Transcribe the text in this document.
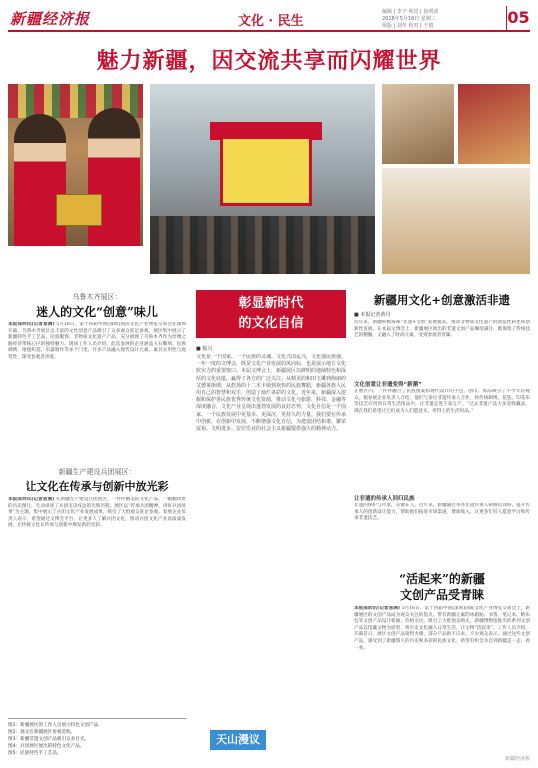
新疆经济报	文化 · 民生
编辑 | 李子 视觉 | 崔明清
2018年5月16日 星期三
组版 | 刘冬 校对 | 王倩	05
魅力新疆，因交流共享而闪耀世界
乌鲁木齐展区：
迷人的文化“创意”味儿
本报深圳讯(记者易满) 5月16日，第十四届中国(深圳)国际文化产业博览交易会在深圳开幕，乌鲁木齐展区以丰富的文化创意产品吸引了众多观众驻足参观。展区集中展示了新疆特色手工艺品、民族服饰、非物质文化遗产产品，充分展现了乌鲁木齐作为丝绸之路经济带核心区的独特魅力。现场工作人员介绍，此次参展的企业涵盖玉石雕刻、民族刺绣、地毯织造、乐器制作等多个门类，许多产品融入现代设计元素，兼具实用性与观赏性，深受参观者喜爱。
新疆生产建设兵团展区：
让文化在传承与创新中放光彩
本报深圳讯(记者易满) 在新疆生产建设兵团展区，一件件精美的文化产品、一幅幅珍贵的历史图片，生动讲述了兵团屯垦戍边的光辉历程。展区以“传承兵团精神，讲好兵团故事”为主题，集中展示了兵团文化产业发展成果，吸引了大批观众驻足参观。参展企业负责人表示，希望通过文博会平台，让更多人了解兵团文化，推动兵团文化产业高质量发展，让传统文化在传承与创新中焕发新的光彩。
图1：新疆展区的工作人员展示特色文创产品。
图2：观众在新疆展区参观选购。
图3：新疆非遗文创产品吸引众多目光。
图4：兵团展区展出的特色文化产品。
图5：民族特色手工艺品。
彰显新时代
的文化自信
■ 振兴
文化是一个国家、一个民族的灵魂。文化兴国运兴，文化强民族强。一年一度的文博会，既是文化产业发展的风向标，也是展示地方文化软实力的重要窗口。本届文博会上，新疆展区以鲜明的地域特色和深厚的文化底蕴，赢得了各方的广泛关注。从精美的和田玉雕到绚丽的艾德莱斯绸，从悠扬的十二木卡姆到欢快的民族舞蹈，新疆各族人民用自己的智慧和双手，创造了灿烂多彩的文化。近年来，新疆深入挖掘和保护各民族优秀传统文化资源，推动文化与旅游、科技、金融等深度融合，文化产业呈现出蓬勃发展的良好态势。文化自信是一个国家、一个民族发展中更基本、更深沉、更持久的力量。我们要在传承中创新，在创新中发展，不断增强文化自信，为建设团结和谐、繁荣富裕、文明进步、安居乐业的社会主义新疆提供强大的精神动力。
天山漫议
新疆用文化+创意激活非遗
■ 本报记者黄丹
近年来，新疆积极探索“非遗+文创”发展模式，推动非物质文化遗产的创造性转化和创新性发展。在本届文博会上，新疆展区展出的非遗文创产品琳琅满目，既保留了传统技艺的精髓，又融入了时尚元素，受到参观者青睐。
文化创意让非遗变得“新潮”
在展区内，一件件融合了民族图案和现代设计的手包、围巾、饰品吸引了不少年轻观众。据参展企业负责人介绍，他们与多位非遗传承人合作，将传统刺绣、花毡、印花布等技艺应用到日常生活用品中，让非遗走进千家万户。“过去非遗产品大多是收藏品，现在我们希望让它们成为人们愿意买、用得上的生活用品。”
让非遗的传承人回归民族
非遗的保护与传承，关键在人。近年来，新疆通过举办非遗传承人研修培训班，提升传承人的创新设计能力，帮助他们拓宽市场渠道，增加收入，让更多年轻人愿意学习和传承非遗技艺。
“活起来”的新疆
文创产品受青睐
本报深圳讯(记者易满) 5月16日，第十四届中国(深圳)国际文化产业博览交易会上，新疆展区的文创产品成为观众关注的焦点。带有新疆元素的冰箱贴、书签、笔记本、帆布包等文创产品设计新颖、价格亲民，吸引了大批观众购买。新疆博物馆推出的系列文创产品以馆藏文物为原型，将历史文化融入日常生活，让文物“活起来”。工作人员介绍，开幕首日，展区文创产品销售火爆，部分产品供不应求。不少观众表示，通过这些文创产品，感受到了新疆悠久的历史和多彩的民族文化，希望有机会亲自到新疆走一走、看一看。
新疆经济报
